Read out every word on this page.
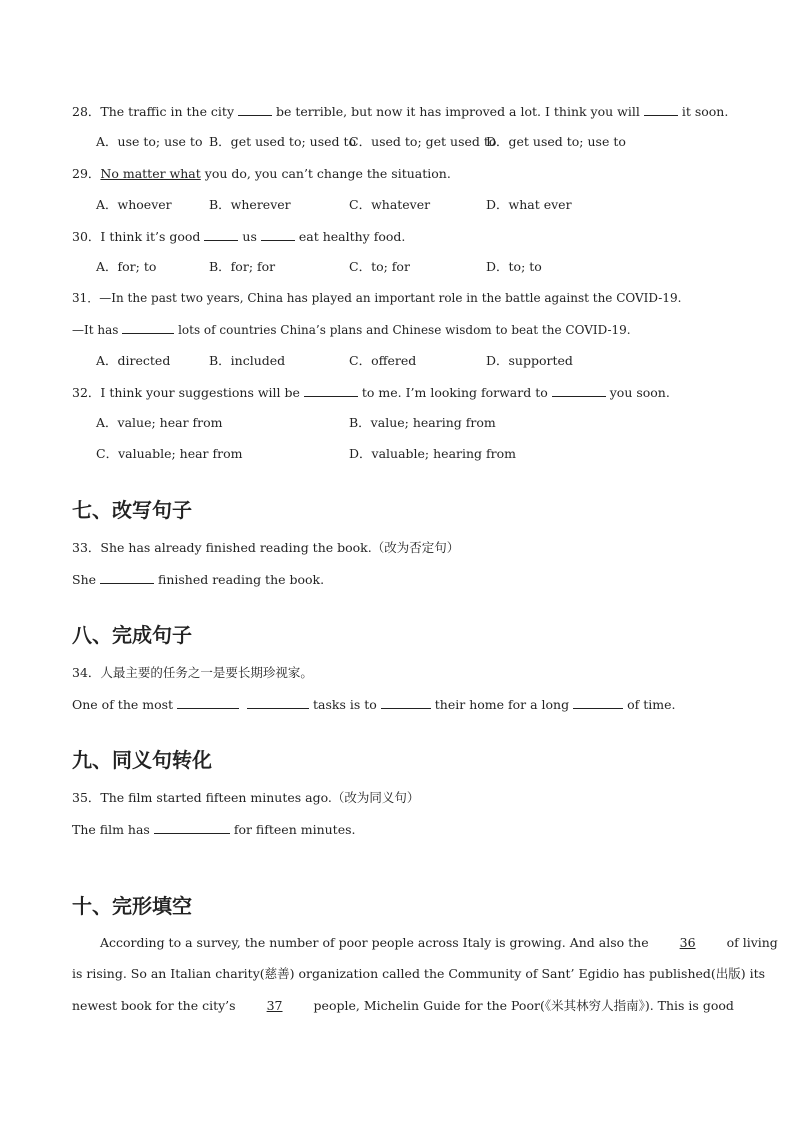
28．The traffic in the city	be terrible, but now it has improved a lot. I think you will	it soon.
A．use to; use to B．get used to; used to
C．used to; get used to
D．get used to; use to
29．No matter what you do, you can’t change the situation.
A．whoever	B．wherever	C．whatever	D．what ever
30．I think it’s good	us	eat healthy food.
A．for; to	B．for; for	C．to; for	D．to; to
31．—In the past two years, China has played an important role in the battle against the COVID-19.
—It has	lots of countries China’s plans and Chinese wisdom to beat the COVID-19.
A．directed	B．included	C．offered	D．supported
32．I think your suggestions will be	to me. I’m looking forward to	you soon.
A．value; hear from	B．value; hearing from
C．valuable; hear from	D．valuable; hearing from
七、改写句子
33．She has already finished reading the book.（改为否定句）
She	finished reading the book.
八、完成句子
34．人最主要的任务之一是要长期珍视家。
One of the most	tasks is to	their home for a long	of time.
九、同义句转化
35．The film started fifteen minutes ago.（改为同义句）
The film has	for fifteen minutes.
十、完形填空
According to a survey, the number of poor people across Italy is growing. And also the 36 of living
is rising. So an Italian charity(慈善) organization called the Community of Sant’ Egidio has published(出版) its
newest book for the city’s 37 people, Michelin Guide for the Poor(《米其林穷人指南》). This is good
